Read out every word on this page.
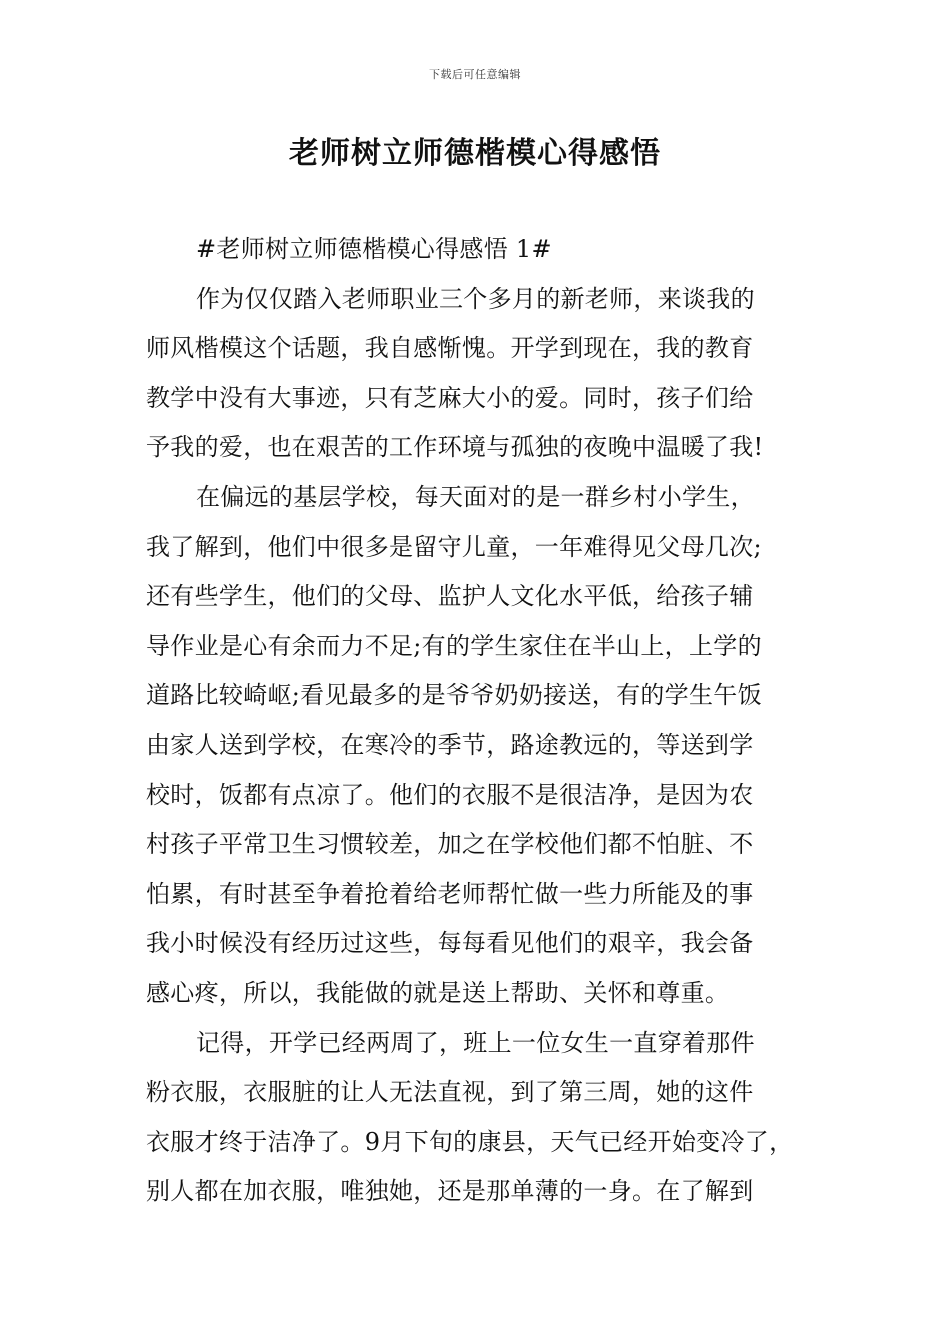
下载后可任意编辑
老师树立师德楷模心得感悟
#老师树立师德楷模心得感悟 1#
作为仅仅踏入老师职业三个多月的新老师，来谈我的
师风楷模这个话题，我自感惭愧。开学到现在，我的教育
教学中没有大事迹，只有芝麻大小的爱。同时，孩子们给
予我的爱，也在艰苦的工作环境与孤独的夜晚中温暖了我!
在偏远的基层学校，每天面对的是一群乡村小学生，
我了解到，他们中很多是留守儿童，一年难得见父母几次;
还有些学生，他们的父母、监护人文化水平低，给孩子辅
导作业是心有余而力不足;有的学生家住在半山上，上学的
道路比较崎岖;看见最多的是爷爷奶奶接送，有的学生午饭
由家人送到学校，在寒冷的季节，路途教远的，等送到学
校时，饭都有点凉了。他们的衣服不是很洁净，是因为农
村孩子平常卫生习惯较差，加之在学校他们都不怕脏、不
怕累，有时甚至争着抢着给老师帮忙做一些力所能及的事
我小时候没有经历过这些，每每看见他们的艰辛，我会备
感心疼，所以，我能做的就是送上帮助、关怀和尊重。
记得，开学已经两周了，班上一位女生一直穿着那件
粉衣服，衣服脏的让人无法直视，到了第三周，她的这件
衣服才终于洁净了。9月下旬的康县，天气已经开始变冷了，
别人都在加衣服，唯独她，还是那单薄的一身。在了解到
